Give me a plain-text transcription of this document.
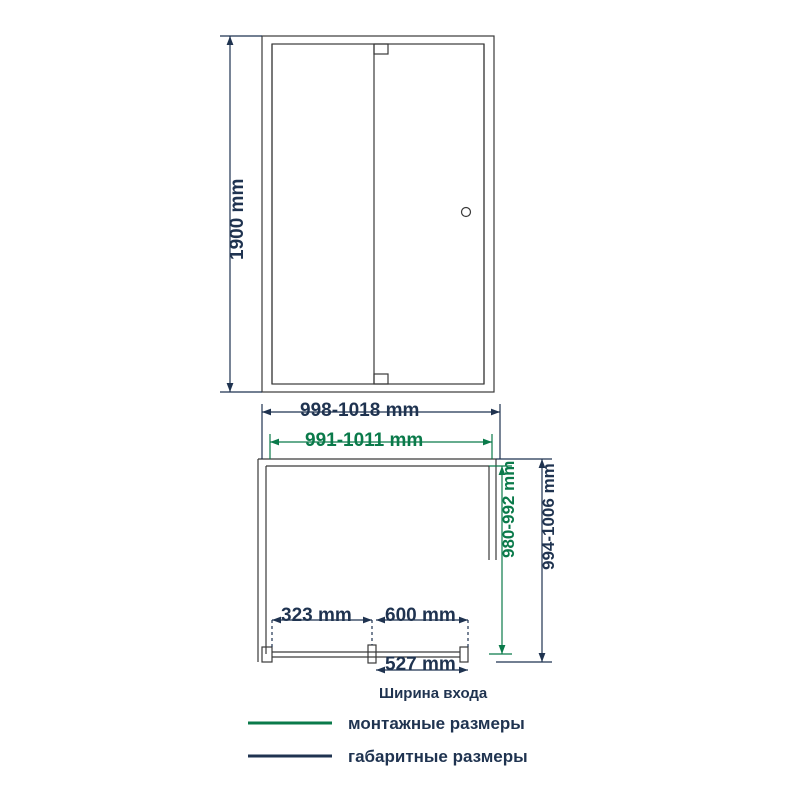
1900 mm
998-1018 mm
991-1011 mm
980-992 mm 994-1006 mm
323 mm 600 mm
527 mm
Ширина входа
монтажные размеры
габаритные размеры
